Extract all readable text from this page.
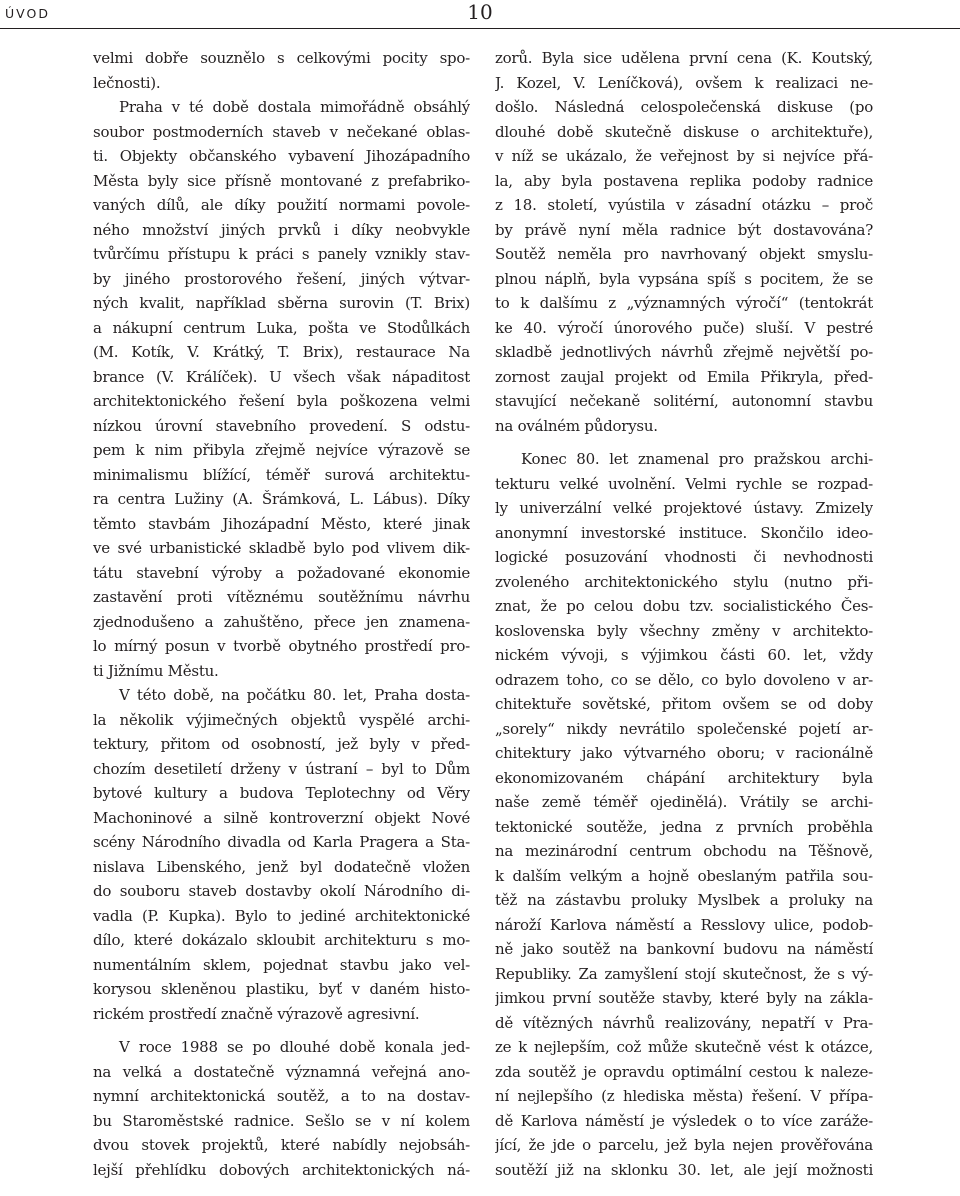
ÚVOD	10
velmi dobře souznělo s celkovými pocity spo-
lečnosti).
Praha v té době dostala mimořádně obsáhlý
soubor postmoderních staveb v nečekané oblas-
ti. Objekty občanského vybavení Jihozápadního
Města byly sice přísně montované z prefabriko-
vaných dílů, ale díky použití normami povole-
ného množství jiných prvků i díky neobvykle
tvůrčímu přístupu k práci s panely vznikly stav-
by jiného prostorového řešení, jiných výtvar-
ných kvalit, například sběrna surovin (T. Brix)
a nákupní centrum Luka, pošta ve Stodůlkách
(M. Kotík, V. Krátký, T. Brix), restaurace Na
brance (V. Králíček). U všech však nápaditost
architektonického řešení byla poškozena velmi
nízkou úrovní stavebního provedení. S odstu-
pem k nim přibyla zřejmě nejvíce výrazově se
minimalismu blížící, téměř surová architektu-
ra centra Lužiny (A. Šrámková, L. Lábus). Díky
těmto stavbám Jihozápadní Město, které jinak
ve své urbanistické skladbě bylo pod vlivem dik-
tátu stavební výroby a požadované ekonomie
zastavění proti vítěznému soutěžnímu návrhu
zjednodušeno a zahuštěno, přece jen znamena-
lo mírný posun v tvorbě obytného prostředí pro-
ti Jižnímu Městu.
V této době, na počátku 80. let, Praha dosta-
la několik výjimečných objektů vyspělé archi-
tektury, přitom od osobností, jež byly v před-
chozím desetiletí drženy v ústraní – byl to Dům
bytové kultury a budova Teplotechny od Věry
Machoninové a silně kontroverzní objekt Nové
scény Národního divadla od Karla Pragera a Sta-
nislava Libenského, jenž byl dodatečně vložen
do souboru staveb dostavby okolí Národního di-
vadla (P. Kupka). Bylo to jediné architektonické
dílo, které dokázalo skloubit architekturu s mo-
numentálním sklem, pojednat stavbu jako vel-
korysou skleněnou plastiku, byť v daném histo-
rickém prostředí značně výrazově agresivní.
V roce 1988 se po dlouhé době konala jed-
na velká a dostatečně významná veřejná ano-
nymní architektonická soutěž, a to na dostav-
bu Staroměstské radnice. Sešlo se v ní kolem
dvou stovek projektů, které nabídly nejobsáh-
lejší přehlídku dobových architektonických ná-
zorů. Byla sice udělena první cena (K. Koutský,
J. Kozel, V. Leníčková), ovšem k realizaci ne-
došlo. Následná celospolečenská diskuse (po
dlouhé době skutečně diskuse o architektuře),
v níž se ukázalo, že veřejnost by si nejvíce přá-
la, aby byla postavena replika podoby radnice
z 18. století, vyústila v zásadní otázku – proč
by právě nyní měla radnice být dostavována?
Soutěž neměla pro navrhovaný objekt smyslu-
plnou náplň, byla vypsána spíš s pocitem, že se
to k dalšímu z „významných výročí“ (tentokrát
ke 40. výročí únorového puče) sluší. V pestré
skladbě jednotlivých návrhů zřejmě největší po-
zornost zaujal projekt od Emila Přikryla, před-
stavující nečekaně solitérní, autonomní stavbu
na oválném půdorysu.
Konec 80. let znamenal pro pražskou archi-
tekturu velké uvolnění. Velmi rychle se rozpad-
ly univerzální velké projektové ústavy. Zmizely
anonymní investorské instituce. Skončilo ideo-
logické posuzování vhodnosti či nevhodnosti
zvoleného architektonického stylu (nutno při-
znat, že po celou dobu tzv. socialistického Čes-
koslovenska byly všechny změny v architekto-
nickém vývoji, s výjimkou části 60. let, vždy
odrazem toho, co se dělo, co bylo dovoleno v ar-
chitektuře sovětské, přitom ovšem se od doby
„sorely“ nikdy nevrátilo společenské pojetí ar-
chitektury jako výtvarného oboru; v racionálně
ekonomizovaném chápání architektury byla
naše země téměř ojedinělá). Vrátily se archi-
tektonické soutěže, jedna z prvních proběhla
na mezinárodní centrum obchodu na Těšnově,
k dalším velkým a hojně obeslaným patřila sou-
těž na zástavbu proluky Myslbek a proluky na
nároží Karlova náměstí a Resslovy ulice, podob-
ně jako soutěž na bankovní budovu na náměstí
Republiky. Za zamyšlení stojí skutečnost, že s vý-
jimkou první soutěže stavby, které byly na zákla-
dě vítězných návrhů realizovány, nepatří v Pra-
ze k nejlepším, což může skutečně vést k otázce,
zda soutěž je opravdu optimální cestou k naleze-
ní nejlepšího (z hlediska města) řešení. V přípa-
dě Karlova náměstí je výsledek o to více zaráže-
jící, že jde o parcelu, jež byla nejen prověřována
soutěží již na sklonku 30. let, ale její možnosti
